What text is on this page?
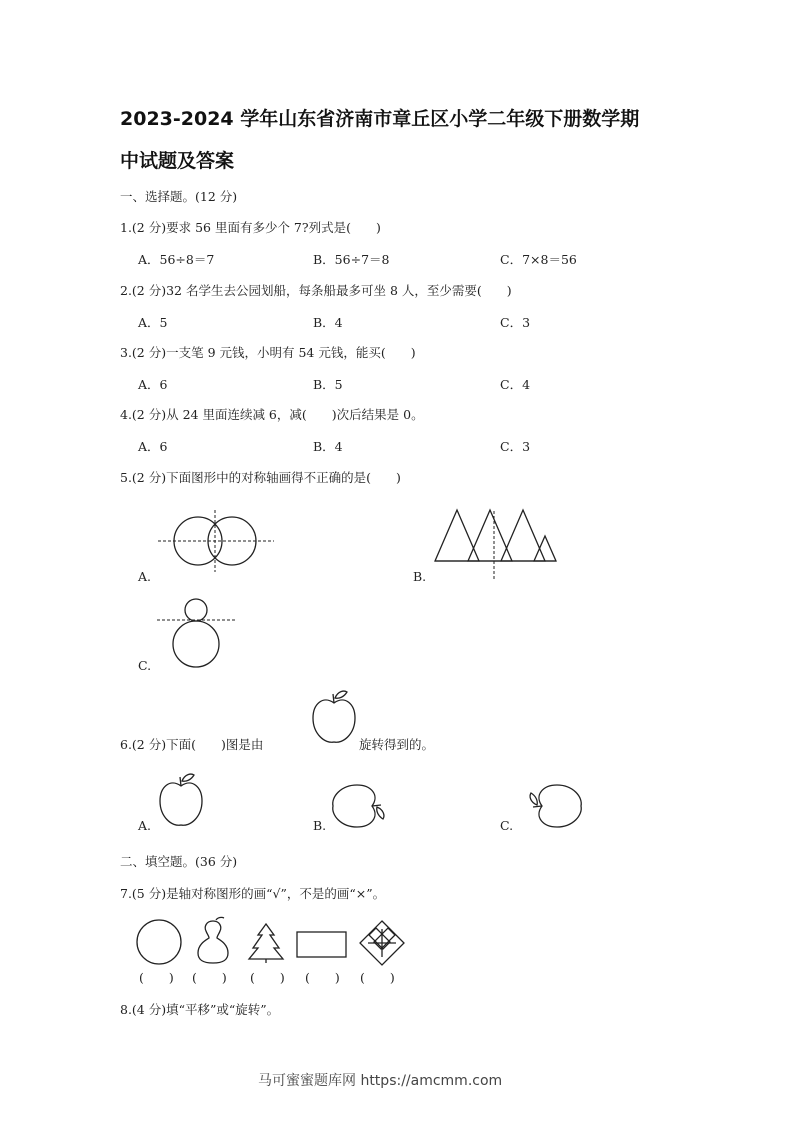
2023-2024 学年山东省济南市章丘区小学二年级下册数学期
中试题及答案
一、选择题。(12 分)
1.(2 分)要求 56 里面有多少个 7?列式是(　　)
A．56÷8＝7	B．56÷7＝8	C．7×8＝56
2.(2 分)32 名学生去公园划船，每条船最多可坐 8 人，至少需要(　　)
A．5	B．4	C．3
3.(2 分)一支笔 9 元钱，小明有 54 元钱，能买(　　)
A．6	B．5	C．4
4.(2 分)从 24 里面连续减 6，减(　　)次后结果是 0。
A．6	B．4	C．3
5.(2 分)下面图形中的对称轴画得不正确的是(　　)
A.	B.
C.
6.(2 分)下面(　　)图是由	旋转得到的。
A.	B.	C.
二、填空题。(36 分)
7.(5 分)是轴对称图形的画“√”，不是的画“×”。
(　　) (　　) (　　) (　　) (　　)
8.(4 分)填“平移”或“旋转”。
马可蜜蜜题库网 https://amcmm.com
